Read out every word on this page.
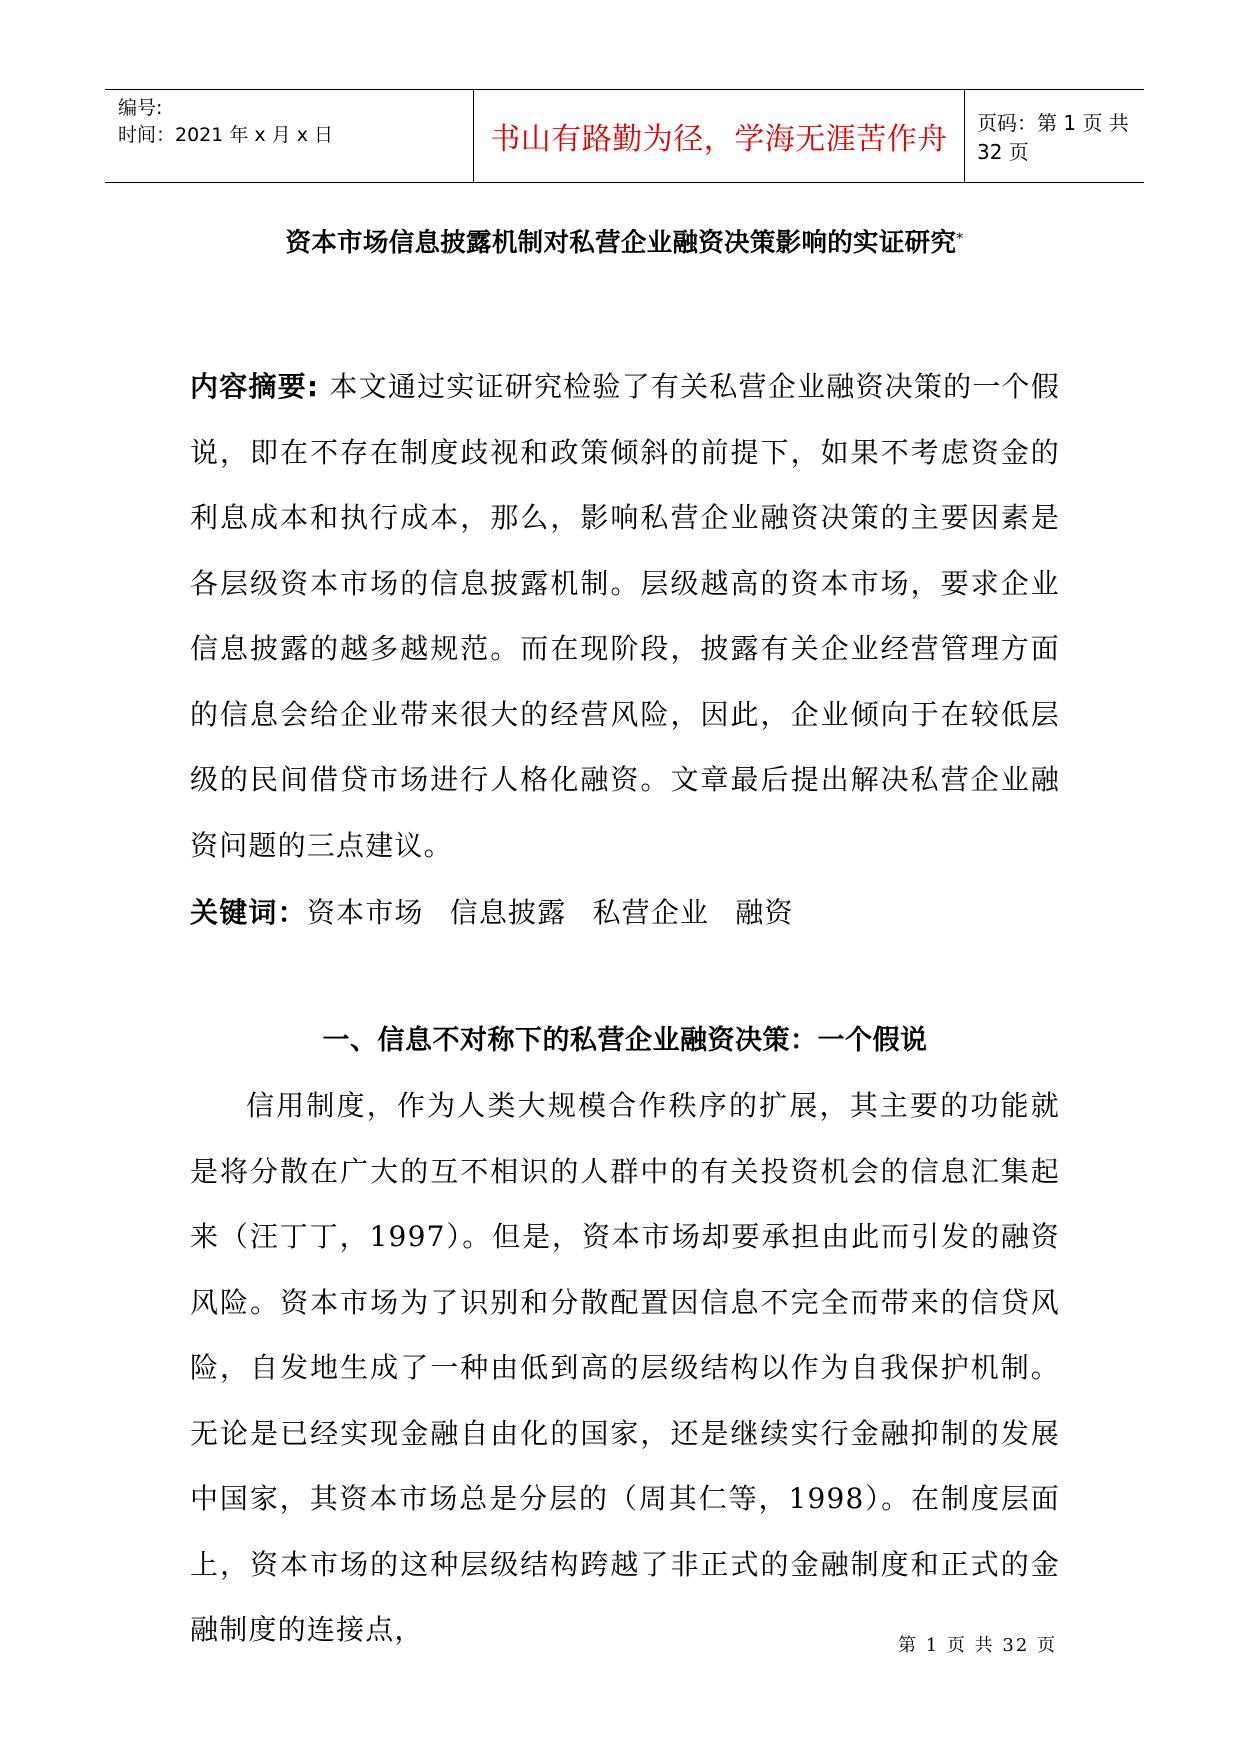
编号:
时间：2021 年 x 月 x 日	书山有路勤为径，学海无涯苦作舟	页码：第 1 页 共 32 页
资本市场信息披露机制对私营企业融资决策影响的实证研究*

内容摘要: 本文通过实证研究检验了有关私营企业融资决策的一个假说，即在不存在制度歧视和政策倾斜的前提下，如果不考虑资金的利息成本和执行成本，那么，影响私营企业融资决策的主要因素是各层级资本市场的信息披露机制。层级越高的资本市场，要求企业信息披露的越多越规范。而在现阶段，披露有关企业经营管理方面的信息会给企业带来很大的经营风险，因此，企业倾向于在较低层级的民间借贷市场进行人格化融资。文章最后提出解决私营企业融资问题的三点建议。

关键词：资本市场 信息披露 私营企业 融资

一、信息不对称下的私营企业融资决策：一个假说

信用制度，作为人类大规模合作秩序的扩展，其主要的功能就是将分散在广大的互不相识的人群中的有关投资机会的信息汇集起来（汪丁丁，1997）。但是，资本市场却要承担由此而引发的融资风险。资本市场为了识别和分散配置因信息不完全而带来的信贷风险，自发地生成了一种由低到高的层级结构以作为自我保护机制。无论是已经实现金融自由化的国家，还是继续实行金融抑制的发展中国家，其资本市场总是分层的（周其仁等，1998）。在制度层面上，资本市场的这种层级结构跨越了非正式的金融制度和正式的金融制度的连接点，	第 1 页 共 32 页
